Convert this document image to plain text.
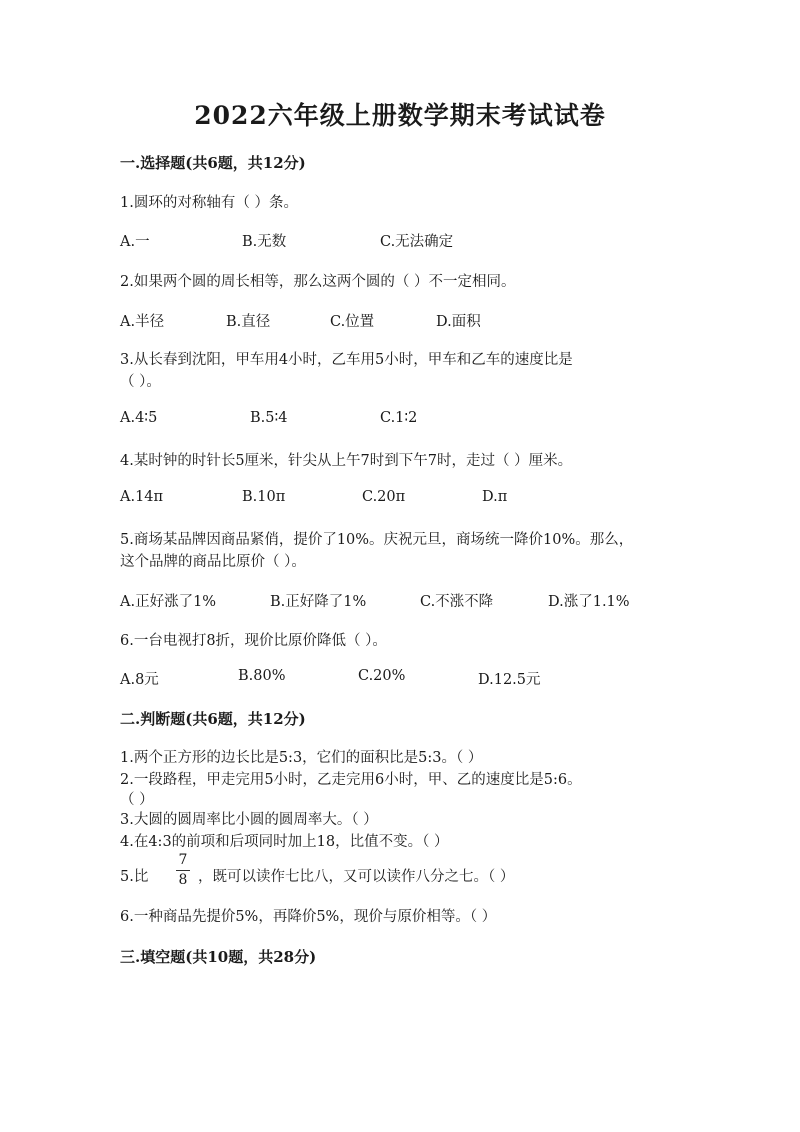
2022六年级上册数学期末考试试卷
一.选择题(共6题，共12分)
1.圆环的对称轴有（ ）条。
A.一	B.无数	C.无法确定
2.如果两个圆的周长相等，那么这两个圆的（ ）不一定相同。
A.半径	B.直径	C.位置	D.面积
3.从长春到沈阳，甲车用4小时，乙车用5小时，甲车和乙车的速度比是
（ ）。
A.4∶5	B.5∶4	C.1∶2
4.某时钟的时针长5厘米，针尖从上午7时到下午7时，走过（ ）厘米。
A.14π	B.10π	C.20π	D.π
5.商场某品牌因商品紧俏，提价了10%。庆祝元旦，商场统一降价10%。那么，
这个品牌的商品比原价（ ）。
A.正好涨了1%	B.正好降了1%	C.不涨不降	D.涨了1.1%
6.一台电视打8折，现价比原价降低（ ）。
A.8元	B.80%	C.20%	D.12.5元
二.判断题(共6题，共12分)
1.两个正方形的边长比是5:3，它们的面积比是5:3。（ ）
2.一段路程，甲走完用5小时，乙走完用6小时，甲、乙的速度比是5:6。
（ ）
3.大圆的圆周率比小圆的圆周率大。（ ）
4.在4:3的前项和后项同时加上18，比值不变。（ ）
5.比
7
8 ，既可以读作七比八，又可以读作八分之七。（ ）
6.一种商品先提价5%，再降价5%，现价与原价相等。（ ）
三.填空题(共10题，共28分)
